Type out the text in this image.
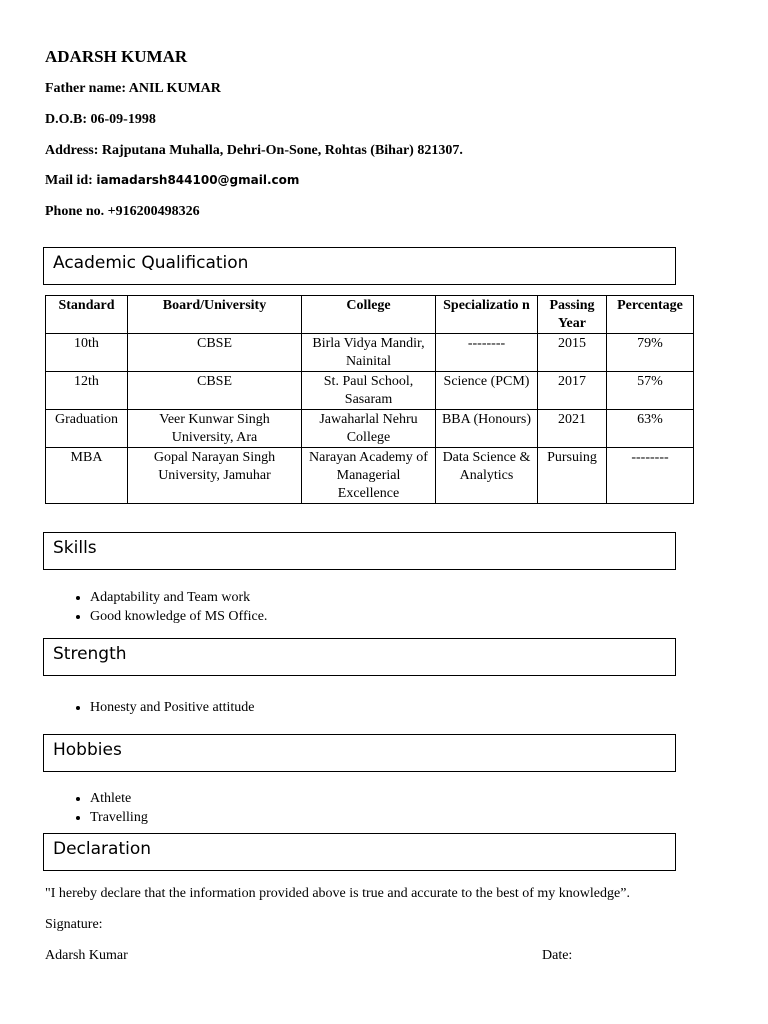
ADARSH KUMAR
Father name: ANIL KUMAR
D.O.B: 06-09-1998
Address: Rajputana Muhalla, Dehri-On-Sone, Rohtas (Bihar) 821307.
Mail id: iamadarsh844100@gmail.com
Phone no. +916200498326
Academic Qualification
Standard	Board/University	College	Specializatio n	Passing Year	Percentage
10th	CBSE	Birla Vidya Mandir, Nainital	--------	2015	79%
12th	CBSE	St. Paul School, Sasaram	Science (PCM)	2017	57%
Graduation	Veer Kunwar Singh University, Ara	Jawaharlal Nehru College	BBA (Honours)	2021	63%
MBA	Gopal Narayan Singh University, Jamuhar	Narayan Academy of Managerial Excellence	Data Science & Analytics	Pursuing	--------
Skills
• Adaptability and Team work
• Good knowledge of MS Office.
Strength
• Honesty and Positive attitude
Hobbies
• Athlete
• Travelling
Declaration
"I hereby declare that the information provided above is true and accurate to the best of my knowledge”.
Signature:
Adarsh Kumar	Date:
